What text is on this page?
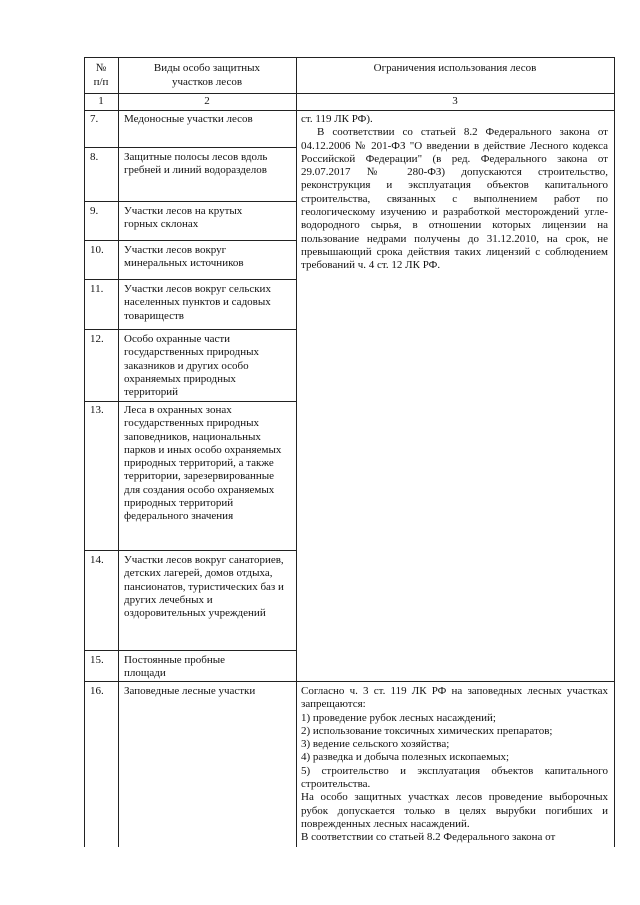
№
п/п
Виды особо защитных
участков лесов
Ограничения использования лесов
1	2	3
7.
8.
9.
10.
11.
12.
13.
14.
15.
16.
Медоносные участки лесов
Защитные полосы лесов вдоль гребней и линий водоразделов
Участки лесов на крутых горных склонах
Участки лесов вокруг минеральных источников
Участки лесов вокруг сельских населенных пунктов и садовых товариществ
Особо охранные части государственных природных заказников и других особо охраняемых природных территорий
Леса в охранных зонах государственных природных заповедников, национальных парков и иных особо охраняемых природных территорий, а также территории, зарезервированные для создания особо охраняемых природных территорий федерального значения
Участки лесов вокруг санаториев, детских лагерей, домов отдыха, пансионатов, туристических баз и других лечебных и оздоровительных учреждений
Постоянные пробные площади
Заповедные лесные участки

ст. 119 ЛК РФ).

В соответствии со статьей 8.2 Федерального закона от 04.12.2006 № 201-ФЗ "О введении в действие Лесного кодекса Российской Федерации" (в ред. Федерального закона от 29.07.2017 № 280-ФЗ) допускаются строительство, реконструкция и эксплуатация объектов капитального строительства, связанных с выполнением работ по геологическому изучению и разработкой месторождений угле-водородного сырья, в отношении которых лицензии на пользование недрами получены до 31.12.2010, на срок, не превышающий срока действия таких лицензий с соблюдением требований ч. 4 ст. 12 ЛК РФ.

Согласно ч. 3 ст. 119 ЛК РФ на заповедных лесных участках запрещаются:

1) проведение рубок лесных насаждений;

2) использование токсичных химических препаратов;

3) ведение сельского хозяйства;

4) разведка и добыча полезных ископаемых;

5) строительство и эксплуатация объектов капитального строительства.

На особо защитных участках лесов проведение выборочных рубок допускается только в целях вырубки погибших и поврежденных лесных насаждений.

В соответствии со статьей 8.2 Федерального закона от
